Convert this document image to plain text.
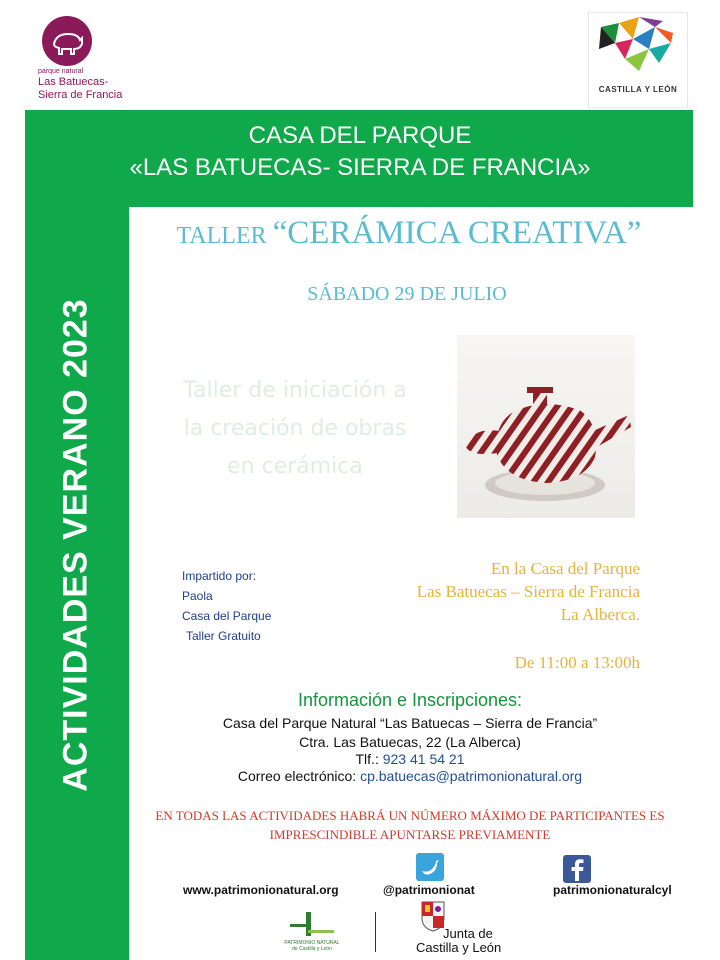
parque natural
Las Batuecas-
Sierra de Francia	CASTILLA Y LEÓN
CASA DEL PARQUE
«LAS BATUECAS- SIERRA DE FRANCIA»
ACTIVIDADES VERANO 2023
TALLER “CERÁMICA CREATIVA”
SÁBADO 29 DE JULIO
Taller de iniciación a
la creación de obras
en cerámica
Impartido por:
Paola
Casa del Parque
Taller Gratuito
En la Casa del Parque
Las Batuecas – Sierra de Francia
La Alberca.
De 11:00 a 13:00h
Información e Inscripciones:
Casa del Parque Natural “Las Batuecas – Sierra de Francia”
Ctra. Las Batuecas, 22 (La Alberca)
Tlf.: 923 41 54 21
Correo electrónico: cp.batuecas@patrimonionatural.org
EN TODAS LAS ACTIVIDADES HABRÁ UN NÚMERO MÁXIMO DE PARTICIPANTES ES
IMPRESCINDIBLE APUNTARSE PREVIAMENTE
www.patrimonionatural.org	@patrimonionat	patrimonionaturalcyl
PATRIMONIO NATURAL de Castilla y León
Junta de
Castilla y León
